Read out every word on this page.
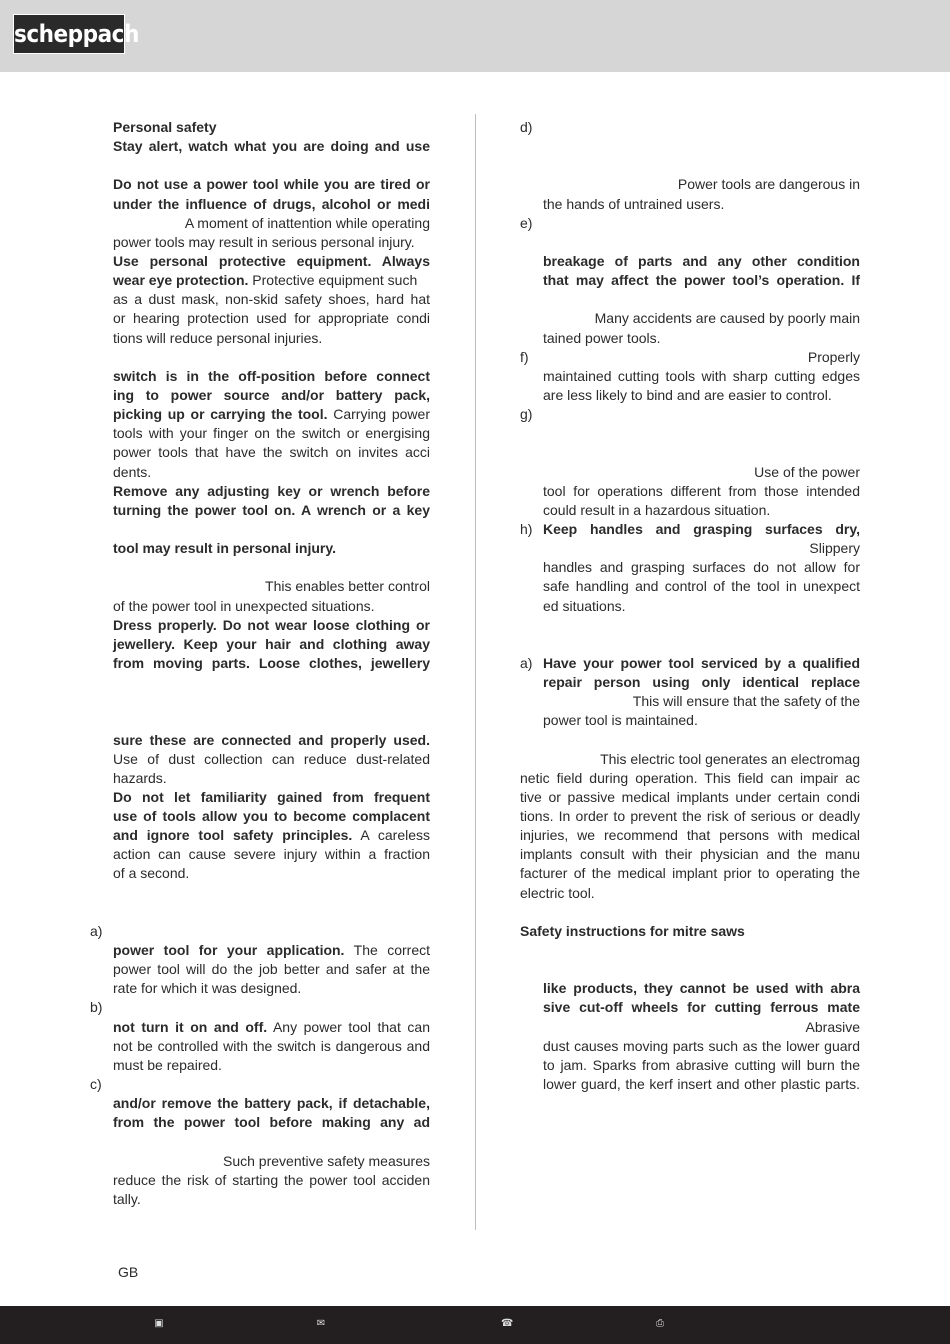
scheppach
Personal safety
Stay alert, watch what you are doing and use
Do not use a power tool while you are tired or
under the influence of drugs, alcohol or medi
A moment of inattention while operating
power tools may result in serious personal injury.
Use personal protective equipment. Always
wear eye protection. Protective equipment such
as a dust mask, non-skid safety shoes, hard hat
or hearing protection used for appropriate condi
tions will reduce personal injuries.
switch is in the off-position before connect
ing to power source and/or battery pack,
picking up or carrying the tool. Carrying power
tools with your finger on the switch or energising
power tools that have the switch on invites acci
dents.
Remove any adjusting key or wrench before
turning the power tool on. A wrench or a key
tool may result in personal injury.
This enables better control
of the power tool in unexpected situations.
Dress properly. Do not wear loose clothing or
jewellery. Keep your hair and clothing away
from moving parts. Loose clothes, jewellery
sure these are connected and properly used.
Use of dust collection can reduce dust-related
hazards.
Do not let familiarity gained from frequent
use of tools allow you to become complacent
and ignore tool safety principles. A careless
action can cause severe injury within a fraction
of a second.
a)
power tool for your application. The correct
power tool will do the job better and safer at the
rate for which it was designed.
b)
not turn it on and off. Any power tool that can
not be controlled with the switch is dangerous and
must be repaired.
c)
and/or remove the battery pack, if detachable,
from the power tool before making any ad
Such preventive safety measures
reduce the risk of starting the power tool acciden
tally.
d)
Power tools are dangerous in
the hands of untrained users.
e)
breakage of parts and any other condition
that may affect the power tool’s operation. If
Many accidents are caused by poorly main
tained power tools.
f)	Properly
maintained cutting tools with sharp cutting edges
are less likely to bind and are easier to control.
g)
Use of the power
tool for operations different from those intended
could result in a hazardous situation.
h) Keep handles and grasping surfaces dry,
Slippery
handles and grasping surfaces do not allow for
safe handling and control of the tool in unexpect
ed situations.
a) Have your power tool serviced by a qualified
repair person using only identical replace
This will ensure that the safety of the
power tool is maintained.
This electric tool generates an electromag
netic field during operation. This field can impair ac
tive or passive medical implants under certain condi
tions. In order to prevent the risk of serious or deadly
injuries, we recommend that persons with medical
implants consult with their physician and the manu
facturer of the medical implant prior to operating the
electric tool.
Safety instructions for mitre saws
like products, they cannot be used with abra
sive cut-off wheels for cutting ferrous mate
Abrasive
dust causes moving parts such as the lower guard
to jam. Sparks from abrasive cutting will burn the
lower guard, the kerf insert and other plastic parts.
GB
▣	✉	☎	⎙
